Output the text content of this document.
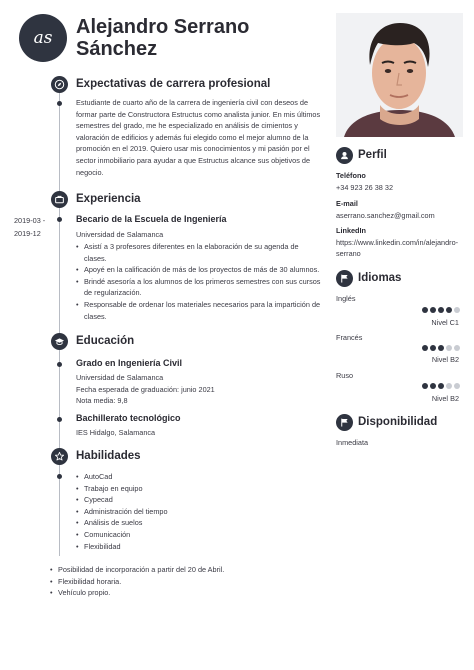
as	Alejandro Serrano
Sánchez
Expectativas de carrera profesional
Estudiante de cuarto año de la carrera de ingeniería civil con deseos de
formar parte de Constructora Estructus como analista junior. En mis últimos
semestres del grado, me he especializado en análisis de cimientos y
valoración de edificios y además fui elegido como el mejor alumno de la
promoción en el 2019. Quiero usar mis conocimientos y mi pasión por el
sector inmobiliario para ayudar a que Estructus alcance sus objetivos de
negocio.
Experiencia
2019-03 -
2019-12
Becario de la Escuela de Ingeniería
Universidad de Salamanca
• Asistí a 3 profesores diferentes en la elaboración de su agenda de
clases.
• Apoyé en la calificación de más de los proyectos de más de 30 alumnos.
• Brindé asesoría a los alumnos de los primeros semestres con sus cursos
de regularización.
• Responsable de ordenar los materiales necesarios para la impartición de
clases.
Educación
Grado en Ingeniería Civil
Universidad de Salamanca
Fecha esperada de graduación: junio 2021
Nota media: 9,8
Bachillerato tecnológico
IES Hidalgo, Salamanca
Habilidades
• AutoCad
• Trabajo en equipo
• Cypecad
• Administración del tiempo
• Análisis de suelos
• Comunicación
• Flexibilidad
• Posibilidad de incorporación a partir del 20 de Abril.
• Flexibilidad horaria.
• Vehículo propio.
Perfil
Teléfono
+34 923 26 38 32
E-mail
aserrano.sanchez@gmail.com
LinkedIn
https://www.linkedin.com/in/alejandro-
serrano
Idiomas
Inglés
Nivel C1
Francés
Nivel B2
Ruso
Nivel B2
Disponibilidad
Inmediata
